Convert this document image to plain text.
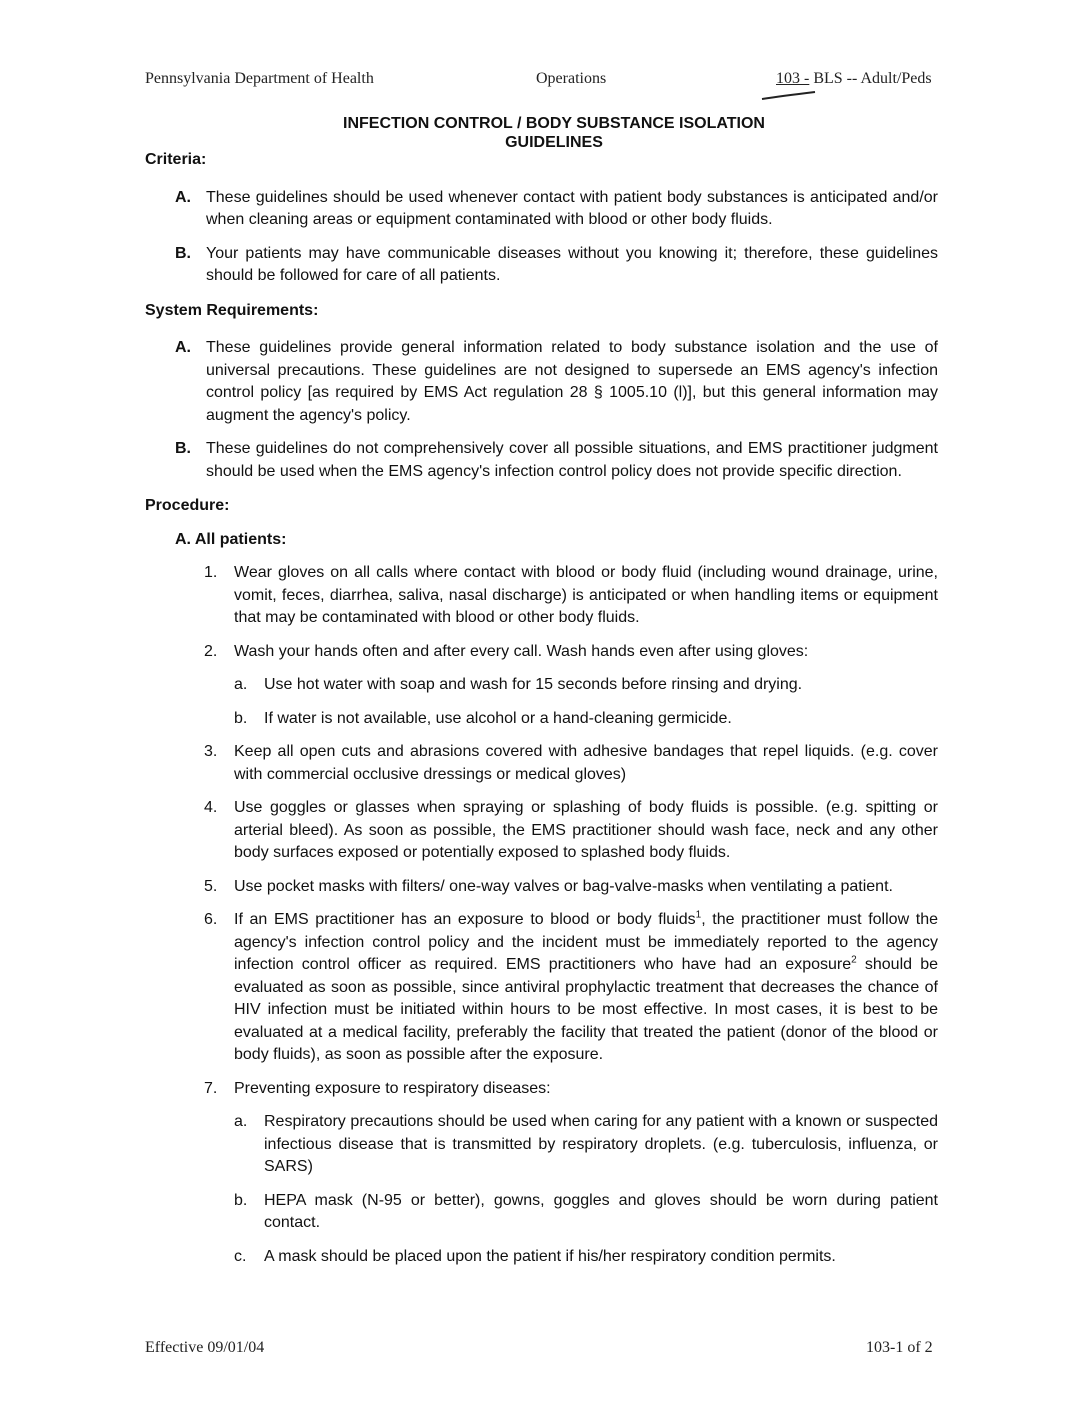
Pennsylvania Department of Health	Operations	103 - BLS -- Adult/Peds
INFECTION CONTROL / BODY SUBSTANCE ISOLATION
GUIDELINES
Criteria:
A. These guidelines should be used whenever contact with patient body substances is anticipated and/or when cleaning areas or equipment contaminated with blood or other body fluids.
B. Your patients may have communicable diseases without you knowing it; therefore, these guidelines should be followed for care of all patients.
System Requirements:
A. These guidelines provide general information related to body substance isolation and the use of universal precautions. These guidelines are not designed to supersede an EMS agency's infection control policy [as required by EMS Act regulation 28 § 1005.10 (l)], but this general information may augment the agency's policy.
B. These guidelines do not comprehensively cover all possible situations, and EMS practitioner judgment should be used when the EMS agency's infection control policy does not provide specific direction.
Procedure:
A. All patients:
1. Wear gloves on all calls where contact with blood or body fluid (including wound drainage, urine, vomit, feces, diarrhea, saliva, nasal discharge) is anticipated or when handling items or equipment that may be contaminated with blood or other body fluids.
2. Wash your hands often and after every call. Wash hands even after using gloves:
a. Use hot water with soap and wash for 15 seconds before rinsing and drying.
b. If water is not available, use alcohol or a hand-cleaning germicide.
3. Keep all open cuts and abrasions covered with adhesive bandages that repel liquids. (e.g. cover with commercial occlusive dressings or medical gloves)
4. Use goggles or glasses when spraying or splashing of body fluids is possible. (e.g. spitting or arterial bleed). As soon as possible, the EMS practitioner should wash face, neck and any other body surfaces exposed or potentially exposed to splashed body fluids.
5. Use pocket masks with filters/ one-way valves or bag-valve-masks when ventilating a patient.
6. If an EMS practitioner has an exposure to blood or body fluids$^1$, the practitioner must follow the agency's infection control policy and the incident must be immediately reported to the agency infection control officer as required. EMS practitioners who have had an exposure$^2$ should be evaluated as soon as possible, since antiviral prophylactic treatment that decreases the chance of HIV infection must be initiated within hours to be most effective. In most cases, it is best to be evaluated at a medical facility, preferably the facility that treated the patient (donor of the blood or body fluids), as soon as possible after the exposure.
7. Preventing exposure to respiratory diseases:
a. Respiratory precautions should be used when caring for any patient with a known or suspected infectious disease that is transmitted by respiratory droplets. (e.g. tuberculosis, influenza, or SARS)
b. HEPA mask (N-95 or better), gowns, goggles and gloves should be worn during patient contact.
c. A mask should be placed upon the patient if his/her respiratory condition permits.
Effective 09/01/04	103-1 of 2
